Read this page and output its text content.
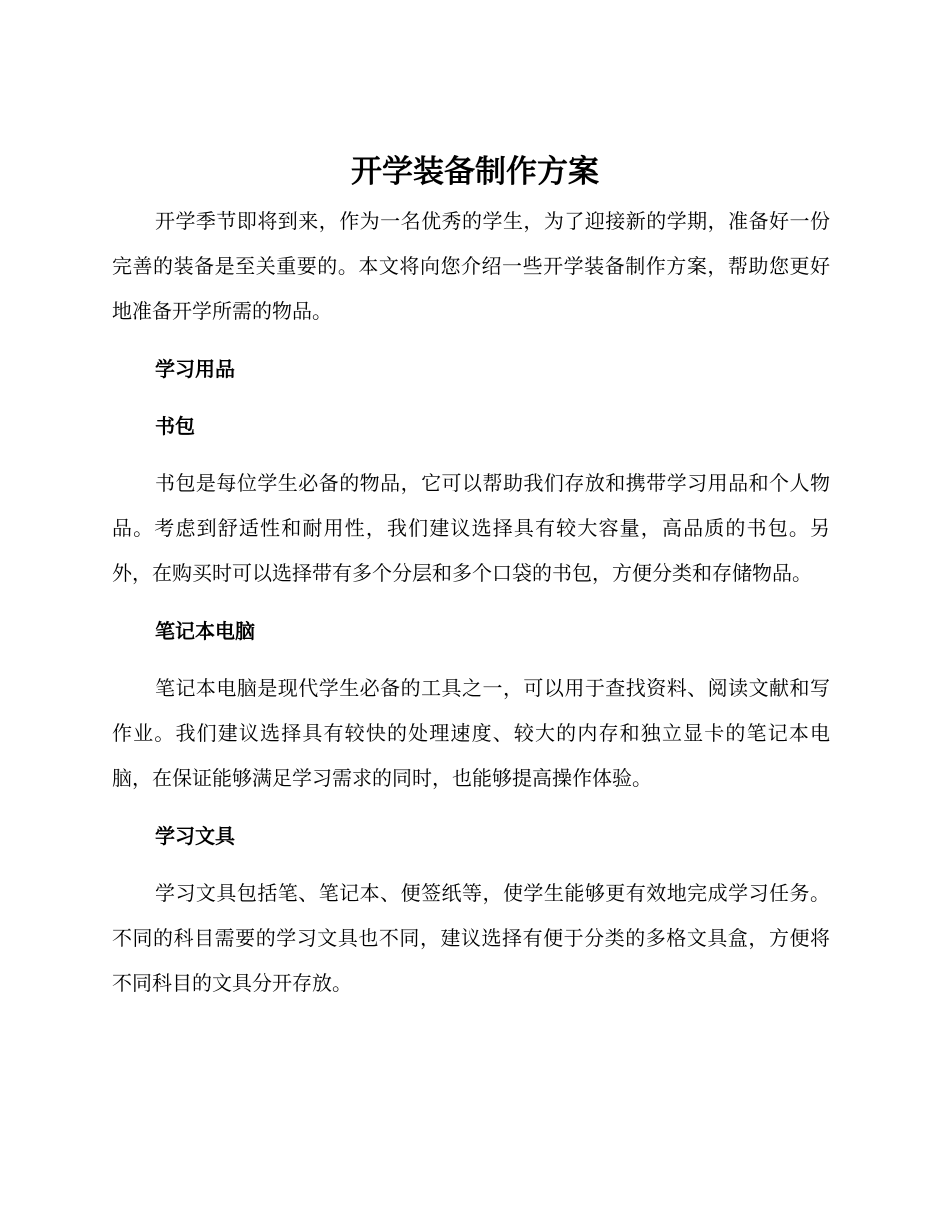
开学装备制作方案

开学季节即将到来，作为一名优秀的学生，为了迎接新的学期，准备好一份完善的装备是至关重要的。本文将向您介绍一些开学装备制作方案，帮助您更好地准备开学所需的物品。

学习用品
书包

书包是每位学生必备的物品，它可以帮助我们存放和携带学习用品和个人物品。考虑到舒适性和耐用性，我们建议选择具有较大容量，高品质的书包。另外，在购买时可以选择带有多个分层和多个口袋的书包，方便分类和存储物品。

笔记本电脑

笔记本电脑是现代学生必备的工具之一，可以用于查找资料、阅读文献和写作业。我们建议选择具有较快的处理速度、较大的内存和独立显卡的笔记本电脑，在保证能够满足学习需求的同时，也能够提高操作体验。

学习文具

学习文具包括笔、笔记本、便签纸等，使学生能够更有效地完成学习任务。不同的科目需要的学习文具也不同，建议选择有便于分类的多格文具盒，方便将不同科目的文具分开存放。
